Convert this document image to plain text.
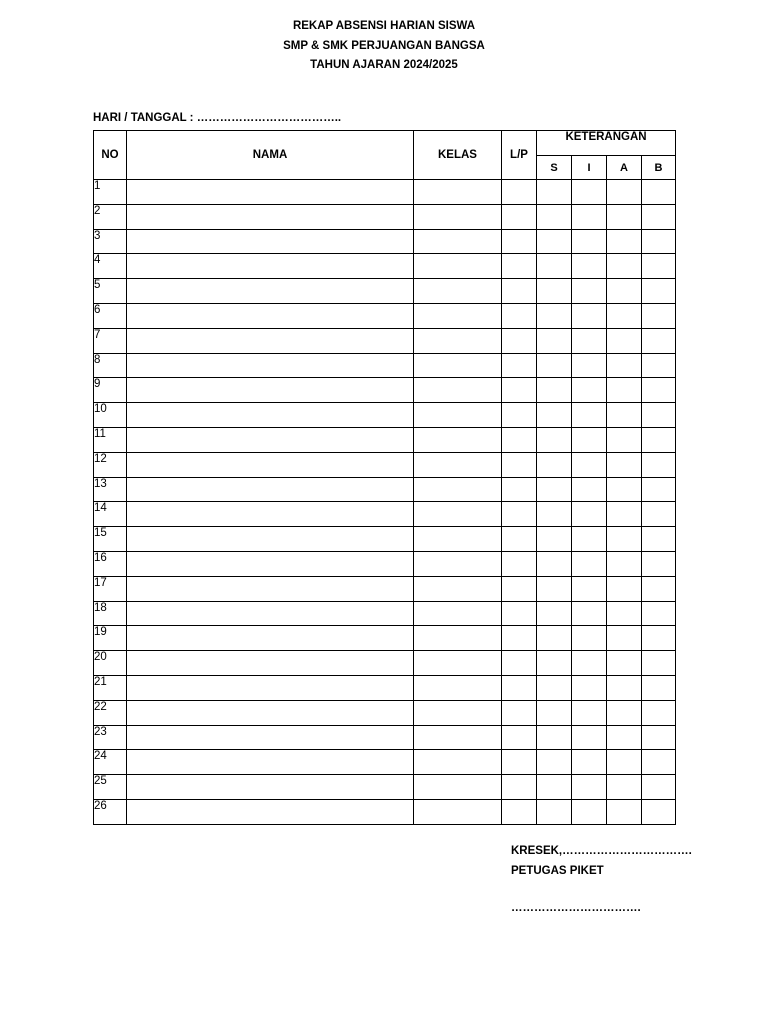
REKAP ABSENSI HARIAN SISWA
SMP & SMK PERJUANGAN BANGSA
TAHUN AJARAN 2024/2025
HARI / TANGGAL : ………………………………..
NO	NAMA	KELAS	L/P	KETERANGAN			
				S	I	A	B
1							
2							
3							
4							
5							
6							
7							
8							
9							
10							
11							
12							
13							
14							
15							
16							
17							
18							
19							
20							
21							
22							
23							
24							
25							
26							
KRESEK,…………………………….
PETUGAS PIKET
…………………………….
